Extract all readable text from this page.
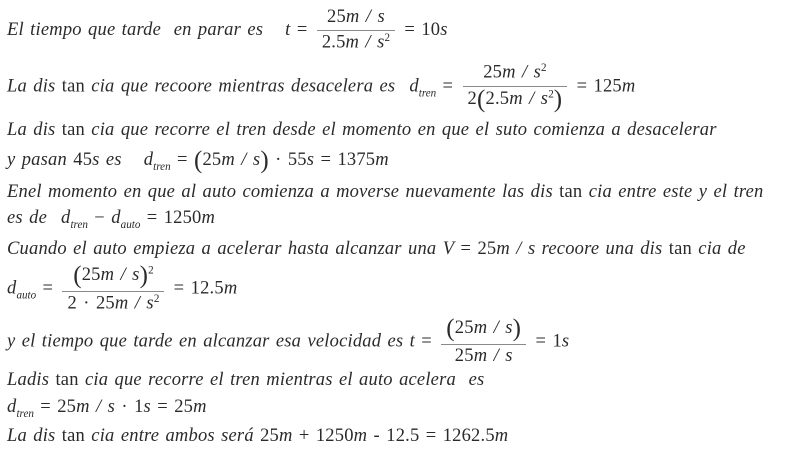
El tiempo que tarde  en parar es $t = \frac{25m / s}{2.5m / s^2} = 10s$
La dis tan cia que recoore mientras desacelera es $d_{tren} = \frac{25m / s^2}{2(2.5m / s^2)} = 125m$
La dis tan cia que recorre el tren desde el momento en que el suto comienza a desacelerar
y pasan 45s es $d_{tren} = (25m / s) \cdot 55s = 1375m$
Enel momento en que al auto comienza a moverse nuevamente las dis tan cia entre este y el tren
es de $d_{tren} - d_{auto} = 1250m$
Cuando el auto empieza a acelerar hasta alcanzar una V = 25m / s recoore una dis tan cia de
$d_{auto} = \frac{(25m / s)^2}{2 \cdot 25m / s^2} = 12.5m$
y el tiempo que tarde en alcanzar esa velocidad es $t = \frac{(25m / s)}{25m / s} = 1s$
Ladis tan cia que recorre el tren mientras el auto acelera  es
$d_{tren} = 25m / s \cdot 1s = 25m$
La dis tan cia entre ambos será 25m + 1250m - 12.5 = 1262.5m
